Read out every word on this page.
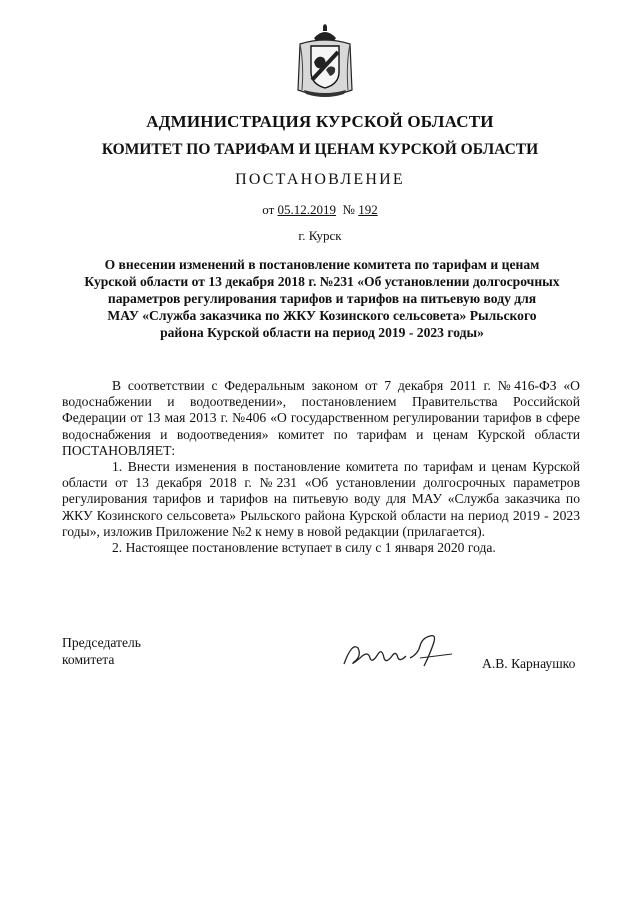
АДМИНИСТРАЦИЯ КУРСКОЙ ОБЛАСТИ
КОМИТЕТ ПО ТАРИФАМ И ЦЕНАМ КУРСКОЙ ОБЛАСТИ
ПОСТАНОВЛЕНИЕ
от 05.12.2019 № 192
г. Курск
О внесении изменений в постановление комитета по тарифам и ценам
Курской области от 13 декабря 2018 г. №231 «Об установлении долгосрочных
параметров регулирования тарифов и тарифов на питьевую воду для
МАУ «Служба заказчика по ЖКУ Козинского сельсовета» Рыльского
района Курской области на период 2019 - 2023 годы»

В соответствии с Федеральным законом от 7 декабря 2011 г. №416-ФЗ «О водоснабжении и водоотведении», постановлением Правительства Российской Федерации от 13 мая 2013 г. №406 «О государственном регулировании тарифов в сфере водоснабжения и водоотведения» комитет по тарифам и ценам Курской области ПОСТАНОВЛЯЕТ:

1. Внести изменения в постановление комитета по тарифам и ценам Курской области от 13 декабря 2018 г. №231 «Об установлении долгосрочных параметров регулирования тарифов и тарифов на питьевую воду для МАУ «Служба заказчика по ЖКУ Козинского сельсовета» Рыльского района Курской области на период 2019 - 2023 годы», изложив Приложение №2 к нему в новой редакции (прилагается).

2. Настоящее постановление вступает в силу с 1 января 2020 года.

Председатель
комитета	А.В. Карнаушко
